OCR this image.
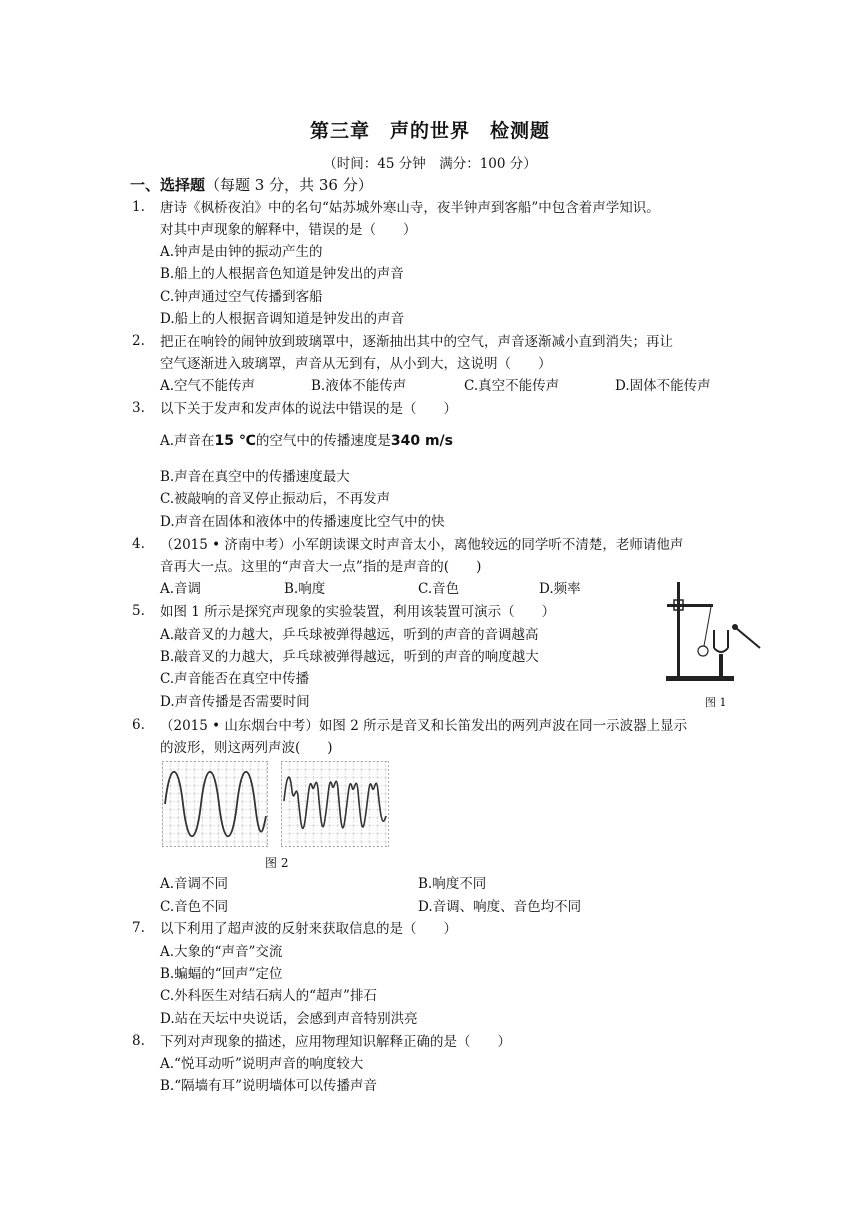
第三章　声的世界　检测题
（时间：45 分钟　满分：100 分）
一、选择题（每题 3 分，共 36 分）
1. 唐诗《枫桥夜泊》中的名句“姑苏城外寒山寺，夜半钟声到客船”中包含着声学知识。
对其中声现象的解释中，错误的是（　　）
A.钟声是由钟的振动产生的
B.船上的人根据音色知道是钟发出的声音
C.钟声通过空气传播到客船
D.船上的人根据音调知道是钟发出的声音
2. 把正在响铃的闹钟放到玻璃罩中，逐渐抽出其中的空气，声音逐渐减小直到消失；再让
空气逐渐进入玻璃罩，声音从无到有，从小到大，这说明（　　）
A.空气不能传声	B.液体不能传声	C.真空不能传声	D.固体不能传声
3. 以下关于发声和发声体的说法中错误的是（　　）
A.声音在15 ℃的空气中的传播速度是340 m/s
B.声音在真空中的传播速度最大
C.被敲响的音叉停止振动后，不再发声
D.声音在固体和液体中的传播速度比空气中的快
4. （2015 • 济南中考）小军朗读课文时声音太小，离他较远的同学听不清楚，老师请他声
音再大一点。这里的“声音大一点”指的是声音的(　　)
A.音调	B.响度	C.音色	D.频率
5. 如图 1 所示是探究声现象的实验装置，利用该装置可演示（　　）
A.敲音叉的力越大，乒乓球被弹得越远，听到的声音的音调越高
B.敲音叉的力越大，乒乓球被弹得越远，听到的声音的响度越大
C.声音能否在真空中传播
D.声音传播是否需要时间	图 1
6. （2015 • 山东烟台中考）如图 2 所示是音叉和长笛发出的两列声波在同一示波器上显示
的波形，则这两列声波(　　)
图 2
A.音调不同	B.响度不同
C.音色不同	D.音调、响度、音色均不同
7. 以下利用了超声波的反射来获取信息的是（　　）
A.大象的“声音”交流
B.蝙蝠的“回声”定位
C.外科医生对结石病人的“超声”排石
D.站在天坛中央说话，会感到声音特别洪亮
8. 下列对声现象的描述，应用物理知识解释正确的是（　　）
A.“悦耳动听”说明声音的响度较大
B.“隔墙有耳”说明墙体可以传播声音
